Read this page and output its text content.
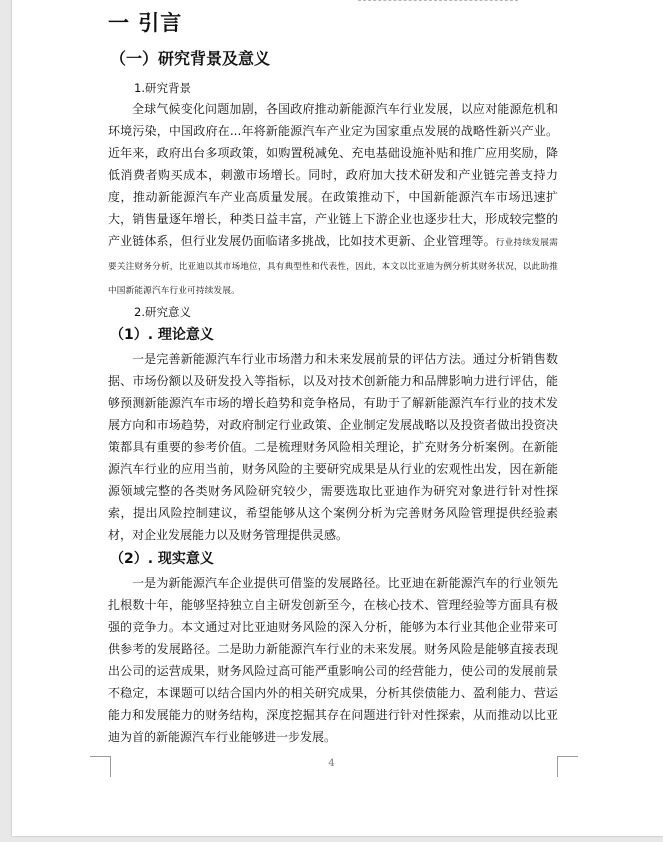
一 引言
（一）研究背景及意义
1.研究背景

全球气候变化问题加剧，各国政府推动新能源汽车行业发展，以应对能源危机和环境污染，中国政府在...年将新能源汽车产业定为国家重点发展的战略性新兴产业。近年来，政府出台多项政策，如购置税减免、充电基础设施补贴和推广应用奖励，降低消费者购买成本，刺激市场增长。同时，政府加大技术研发和产业链完善支持力度，推动新能源汽车产业高质量发展。在政策推动下，中国新能源汽车市场迅速扩大，销售量逐年增长，种类日益丰富，产业链上下游企业也逐步壮大，形成较完整的产业链体系，但行业发展仍面临诸多挑战，比如技术更新、企业管理等。行业持续发展需要关注财务分析，比亚迪以其市场地位，具有典型性和代表性，因此，本文以比亚迪为例分析其财务状况，以此助推中国新能源汽车行业可持续发展。

2.研究意义
（1）. 理论意义

一是完善新能源汽车行业市场潜力和未来发展前景的评估方法。通过分析销售数据、市场份额以及研发投入等指标，以及对技术创新能力和品牌影响力进行评估，能够预测新能源汽车市场的增长趋势和竞争格局，有助于了解新能源汽车行业的技术发展方向和市场趋势，对政府制定行业政策、企业制定发展战略以及投资者做出投资决策都具有重要的参考价值。二是梳理财务风险相关理论，扩充财务分析案例。在新能源汽车行业的应用当前，财务风险的主要研究成果是从行业的宏观性出发，因在新能源领域完整的各类财务风险研究较少，需要选取比亚迪作为研究对象进行针对性探索，提出风险控制建议，希望能够从这个案例分析为完善财务风险管理提供经验素材，对企业发展能力以及财务管理提供灵感。

（2）. 现实意义

一是为新能源汽车企业提供可借鉴的发展路径。比亚迪在新能源汽车的行业领先扎根数十年，能够坚持独立自主研发创新至今，在核心技术、管理经验等方面具有极强的竞争力。本文通过对比亚迪财务风险的深入分析，能够为本行业其他企业带来可供参考的发展路径。二是助力新能源汽车行业的未来发展。财务风险是能够直接表现出公司的运营成果，财务风险过高可能严重影响公司的经营能力，使公司的发展前景不稳定，本课题可以结合国内外的相关研究成果，分析其偿债能力、盈利能力、营运能力和发展能力的财务结构，深度挖掘其存在问题进行针对性探索，从而推动以比亚迪为首的新能源汽车行业能够进一步发展。

4
